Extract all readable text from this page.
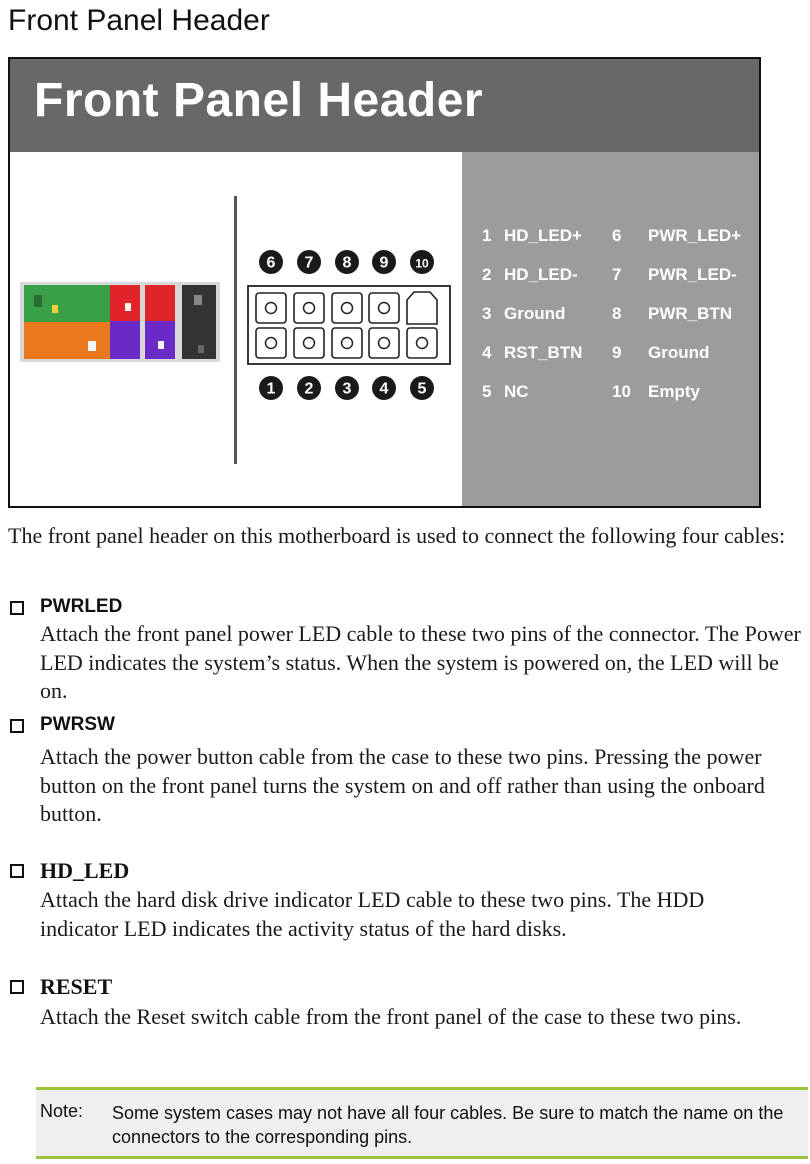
Front Panel Header
Front Panel Header
6 7 8 9 10
1 2 3 4 5
1 HD_LED+ 6 PWR_LED+
2 HD_LED- 7 PWR_LED-
3 Ground	8 PWR_BTN
4 RST_BTN 9 Ground
5 NC	10 Empty

The front panel header on this motherboard is used to connect the following four cables:

PWRLED

Attach the front panel power LED cable to these two pins of the connector. The Power LED indicates the system’s status. When the system is powered on, the LED will be on.

PWRSW

Attach the power button cable from the case to these two pins. Pressing the power button on the front panel turns the system on and off rather than using the onboard button.

HD_LED

Attach the hard disk drive indicator LED cable to these two pins. The HDD indicator LED indicates the activity status of the hard disks.

RESET

Attach the Reset switch cable from the front panel of the case to these two pins.

Note: Some system cases may not have all four cables. Be sure to match the name on the connectors to the corresponding pins.
